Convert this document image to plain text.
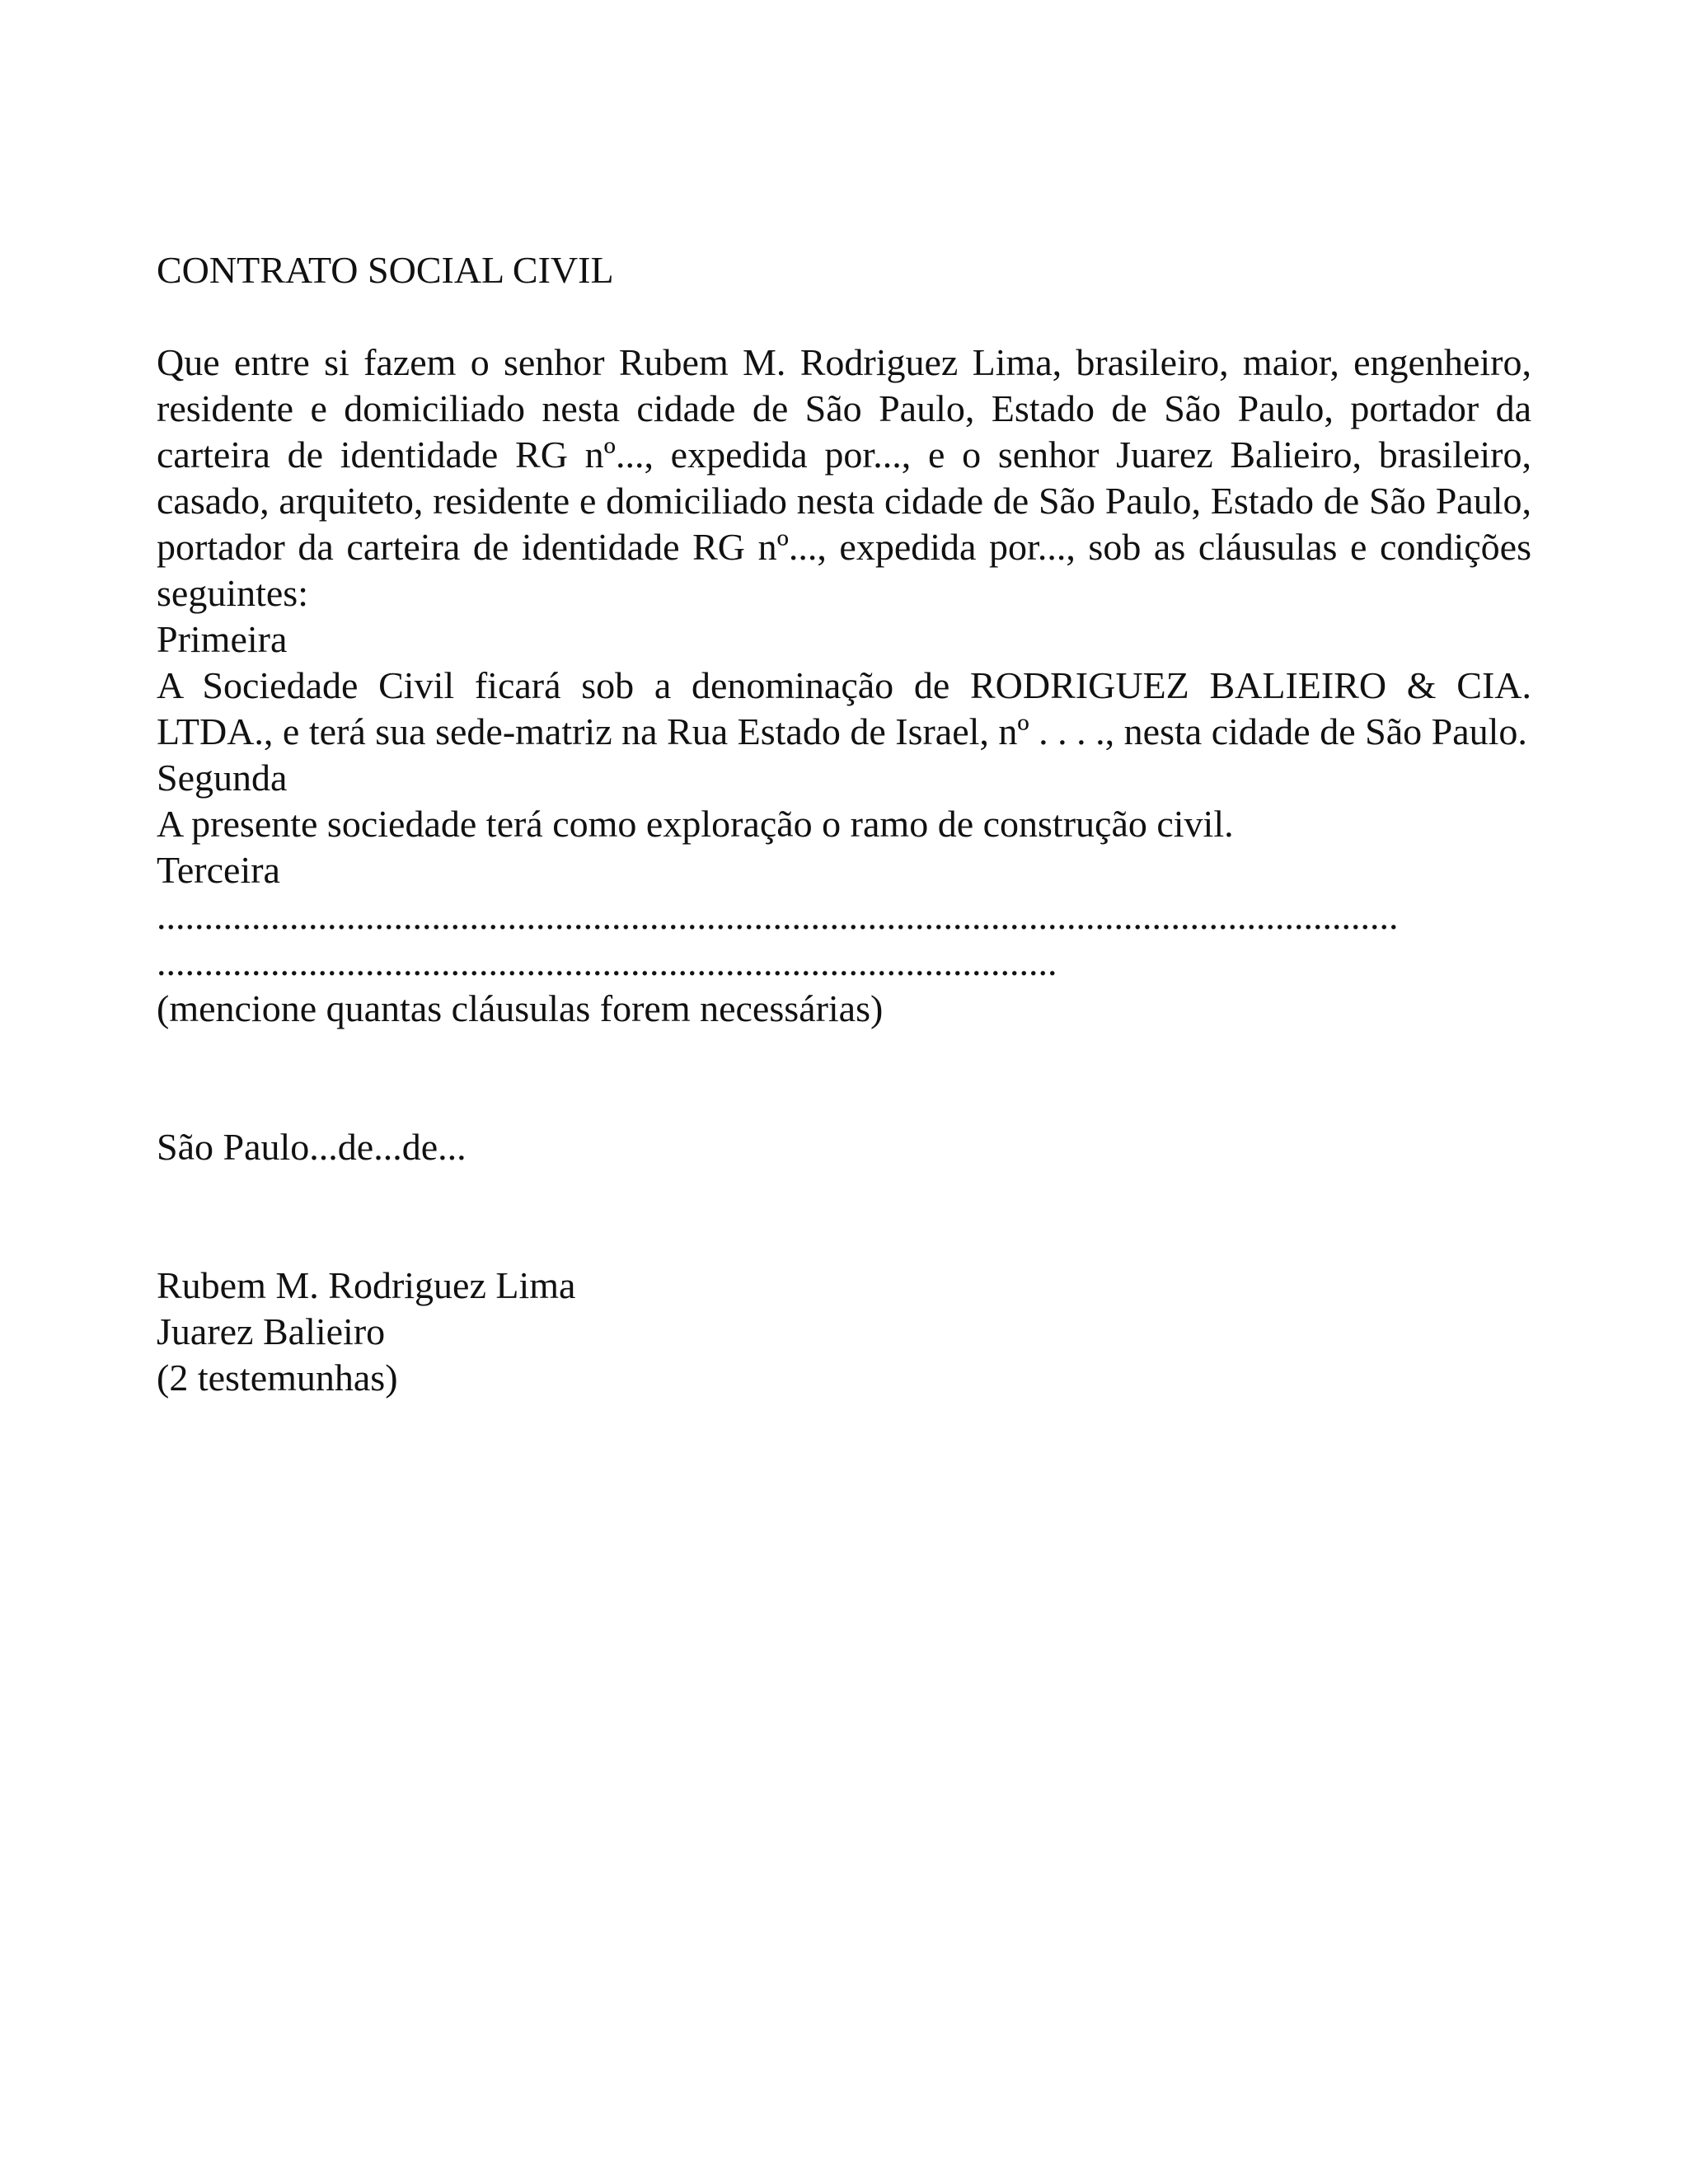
CONTRATO SOCIAL CIVIL

Que entre si fazem o senhor Rubem M. Rodriguez Lima, brasileiro, maior, engenheiro, residente e domiciliado nesta cidade de São Paulo, Estado de São Paulo, portador da carteira de identidade RG nº..., expedida por..., e o senhor Juarez Balieiro, brasileiro, casado, arquiteto, residente e domiciliado nesta cidade de São Paulo, Estado de São Paulo, portador da carteira de identidade RG nº..., expedida por..., sob as cláusulas e condições seguintes:

Primeira

A Sociedade Civil ficará sob a denominação de RODRIGUEZ BALIEIRO & CIA. LTDA., e terá sua sede-matriz na Rua Estado de Israel, nº . . . ., nesta cidade de São Paulo.

Segunda

A presente sociedade terá como exploração o ramo de construção civil.

Terceira

...................................................................................................................................

...............................................................................................

(mencione quantas cláusulas forem necessárias)

São Paulo...de...de...

Rubem M. Rodriguez Lima

Juarez Balieiro

(2 testemunhas)
